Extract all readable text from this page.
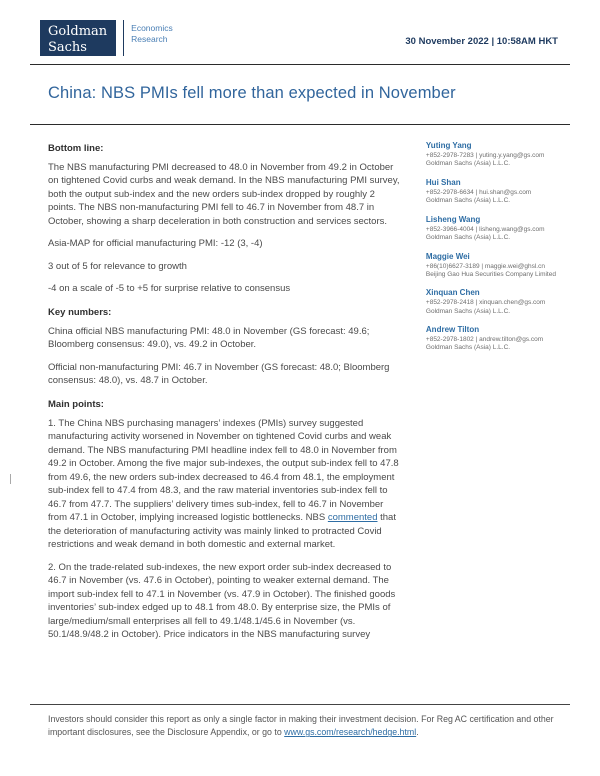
Goldman
Sachs
Economics
Research	30 November 2022 | 10:58AM HKT
China: NBS PMIs fell more than expected in November
Bottom line:

The NBS manufacturing PMI decreased to 48.0 in November from 49.2 in October on tightened Covid curbs and weak demand. In the NBS manufacturing PMI survey, both the output sub-index and the new orders sub-index dropped by roughly 2 points. The NBS non-manufacturing PMI fell to 46.7 in November from 48.7 in October, showing a sharp deceleration in both construction and services sectors.

Asia-MAP for official manufacturing PMI: -12 (3, -4)

3 out of 5 for relevance to growth

-4 on a scale of -5 to +5 for surprise relative to consensus

Key numbers:

China official NBS manufacturing PMI: 48.0 in November (GS forecast: 49.6; Bloomberg consensus: 49.0), vs. 49.2 in October.

Official non-manufacturing PMI: 46.7 in November (GS forecast: 48.0; Bloomberg consensus: 48.0), vs. 48.7 in October.

Main points:

1. The China NBS purchasing managers’ indexes (PMIs) survey suggested manufacturing activity worsened in November on tightened Covid curbs and weak demand. The NBS manufacturing PMI headline index fell to 48.0 in November from 49.2 in October. Among the five major sub-indexes, the output sub-index fell to 47.8 from 49.6, the new orders sub-index decreased to 46.4 from 48.1, the employment sub-index fell to 47.4 from 48.3, and the raw material inventories sub-index fell to 46.7 from 47.7. The suppliers’ delivery times sub-index, fell to 46.7 in November from 47.1 in October, implying increased logistic bottlenecks. NBS commented that the deterioration of manufacturing activity was mainly linked to protracted Covid restrictions and weak demand in both domestic and external market.

2. On the trade-related sub-indexes, the new export order sub-index decreased to 46.7 in November (vs. 47.6 in October), pointing to weaker external demand. The import sub-index fell to 47.1 in November (vs. 47.9 in October). The finished goods inventories’ sub-index edged up to 48.1 from 48.0. By enterprise size, the PMIs of large/medium/small enterprises all fell to 49.1/48.1/45.6 in November (vs. 50.1/48.9/48.2 in October). Price indicators in the NBS manufacturing survey

Yuting Yang
+852-2978-7283 | yuting.y.yang@gs.com
Goldman Sachs (Asia) L.L.C.
Hui Shan
+852-2978-6634 | hui.shan@gs.com
Goldman Sachs (Asia) L.L.C.
Lisheng Wang
+852-3966-4004 | lisheng.wang@gs.com
Goldman Sachs (Asia) L.L.C.
Maggie Wei
+86(10)6627-3189 | maggie.wei@ghsl.cn
Beijing Gao Hua Securities Company Limited
Xinquan Chen
+852-2978-2418 | xinquan.chen@gs.com
Goldman Sachs (Asia) L.L.C.
Andrew Tilton
+852-2978-1802 | andrew.tilton@gs.com
Goldman Sachs (Asia) L.L.C.

Investors should consider this report as only a single factor in making their investment decision. For Reg AC certification and other important disclosures, see the Disclosure Appendix, or go to www.gs.com/research/hedge.html.
